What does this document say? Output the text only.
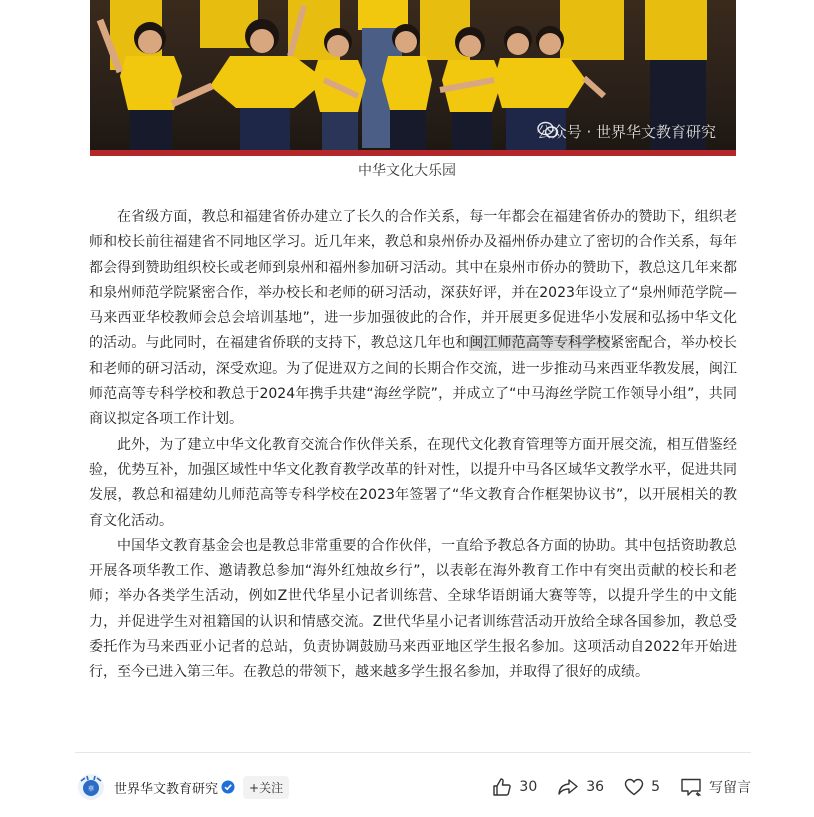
公众号 · 世界华文教育研究
中华文化大乐园

在省级方面，教总和福建省侨办建立了长久的合作关系，每一年都会在福建省侨办的赞助下，组织老师和校长前往福建省不同地区学习。近几年来，教总和泉州侨办及福州侨办建立了密切的合作关系，每年都会得到赞助组织校长或老师到泉州和福州参加研习活动。其中在泉州市侨办的赞助下，教总这几年来都和泉州师范学院紧密合作，举办校长和老师的研习活动，深获好评，并在2023年设立了“泉州师范学院—马来西亚华校教师会总会培训基地”，进一步加强彼此的合作，并开展更多促进华小发展和弘扬中华文化的活动。与此同时，在福建省侨联的支持下，教总这几年也和闽江师范高等专科学校紧密配合，举办校长和老师的研习活动，深受欢迎。为了促进双方之间的长期合作交流，进一步推动马来西亚华教发展，闽江师范高等专科学校和教总于2024年携手共建“海丝学院”，并成立了“中马海丝学院工作领导小组”，共同商议拟定各项工作计划。

此外，为了建立中华文化教育交流合作伙伴关系，在现代文化教育管理等方面开展交流，相互借鉴经验，优势互补，加强区域性中华文化教育教学改革的针对性，以提升中马各区域华文教学水平，促进共同发展，教总和福建幼儿师范高等专科学校在2023年签署了“华文教育合作框架协议书”，以开展相关的教育文化活动。

中国华文教育基金会也是教总非常重要的合作伙伴，一直给予教总各方面的协助。其中包括资助教总开展各项华教工作、邀请教总参加“海外红烛故乡行”，以表彰在海外教育工作中有突出贡献的校长和老师；举办各类学生活动，例如Z世代华星小记者训练营、全球华语朗诵大赛等等，以提升学生的中文能力，并促进学生对祖籍国的认识和情感交流。Z世代华星小记者训练营活动开放给全球各国参加，教总受委托作为马来西亚小记者的总站，负责协调鼓励马来西亚地区学生报名参加。这项活动自2022年开始进行，至今已进入第三年。在教总的带领下，越来越多学生报名参加，并取得了很好的成绩。

華 世界华文教育研究	+关注	30	36	5	写留言
